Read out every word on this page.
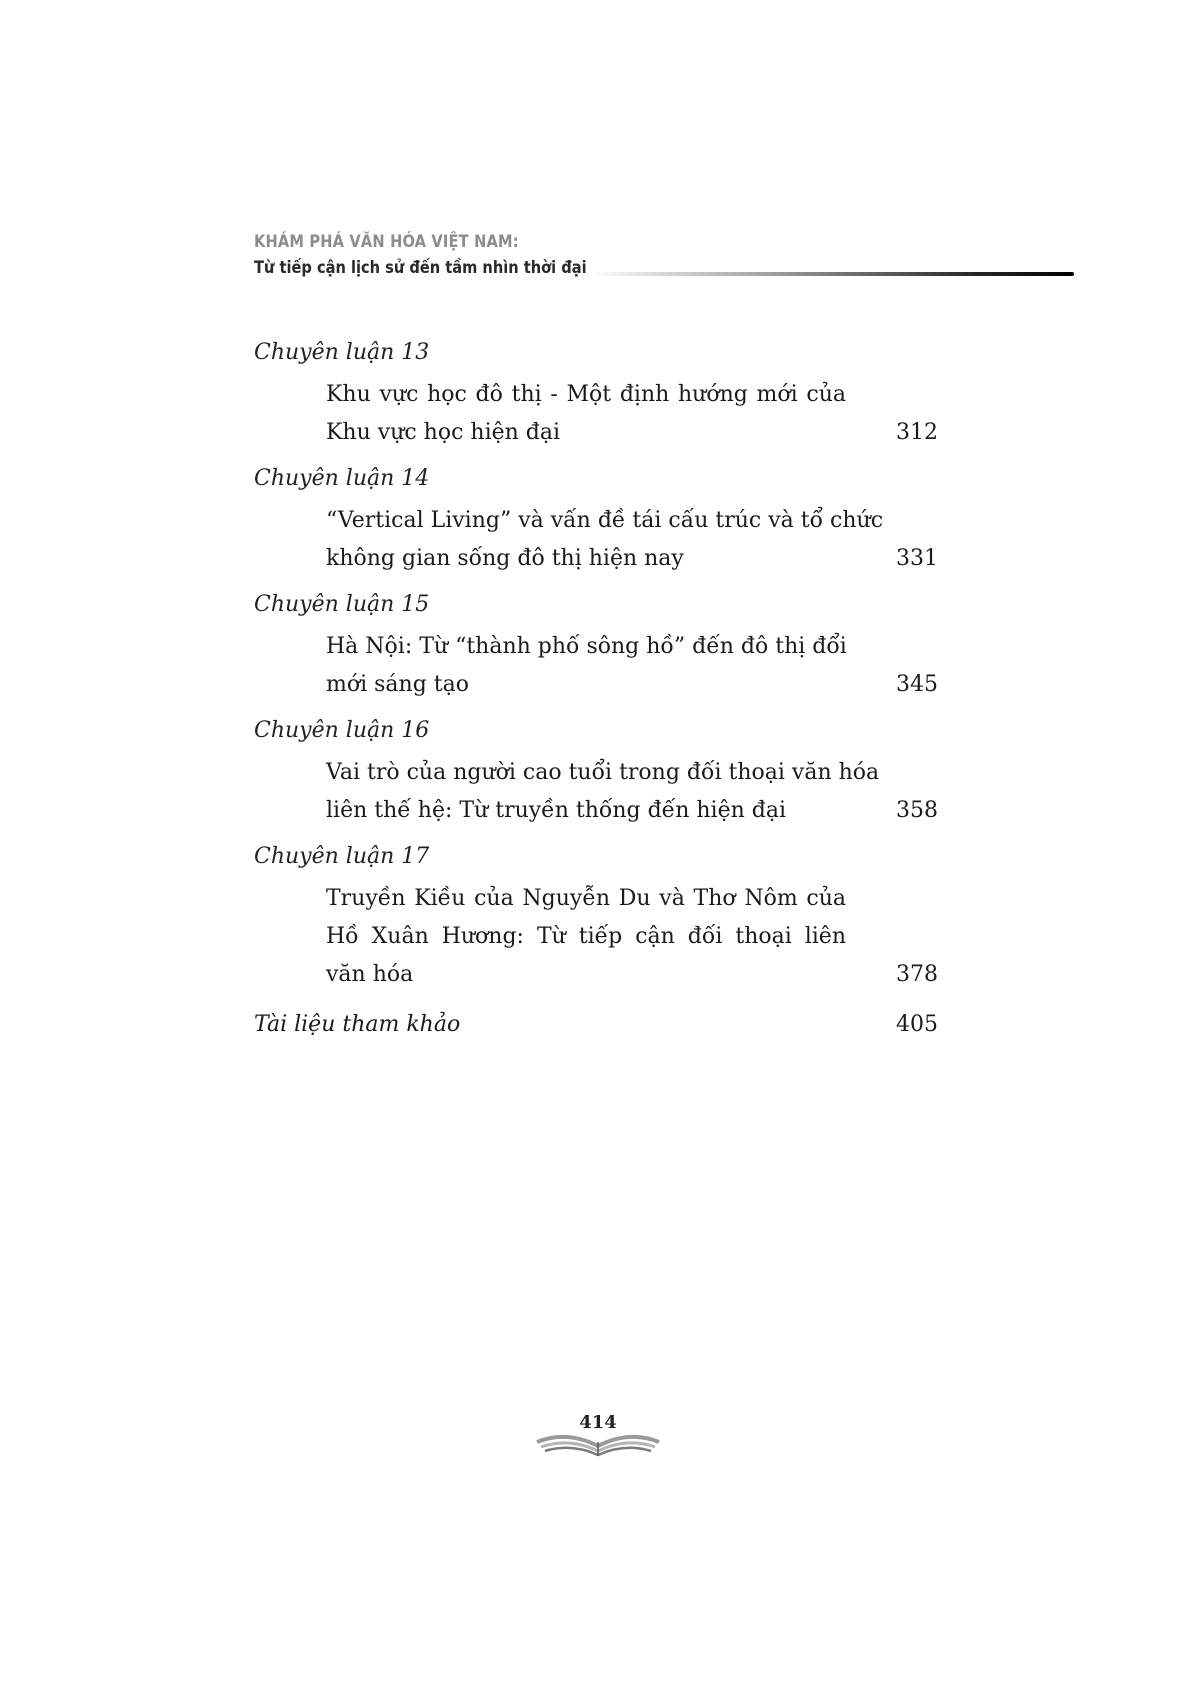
KHÁM PHÁ VĂN HÓA VIỆT NAM:
Từ tiếp cận lịch sử đến tầm nhìn thời đại
Chuyên luận 13
Khu vực học đô thị - Một định hướng mới của
Khu vực học hiện đại	312
Chuyên luận 14
“Vertical Living” và vấn đề tái cấu trúc và tổ chức
không gian sống đô thị hiện nay	331
Chuyên luận 15
Hà Nội: Từ “thành phố sông hồ” đến đô thị đổi
mới sáng tạo	345
Chuyên luận 16
Vai trò của người cao tuổi trong đối thoại văn hóa
liên thế hệ: Từ truyền thống đến hiện đại	358
Chuyên luận 17
Truyền Kiều của Nguyễn Du và Thơ Nôm của
Hồ Xuân Hương: Từ tiếp cận đối thoại liên
văn hóa	378
Tài liệu tham khảo	405
414
